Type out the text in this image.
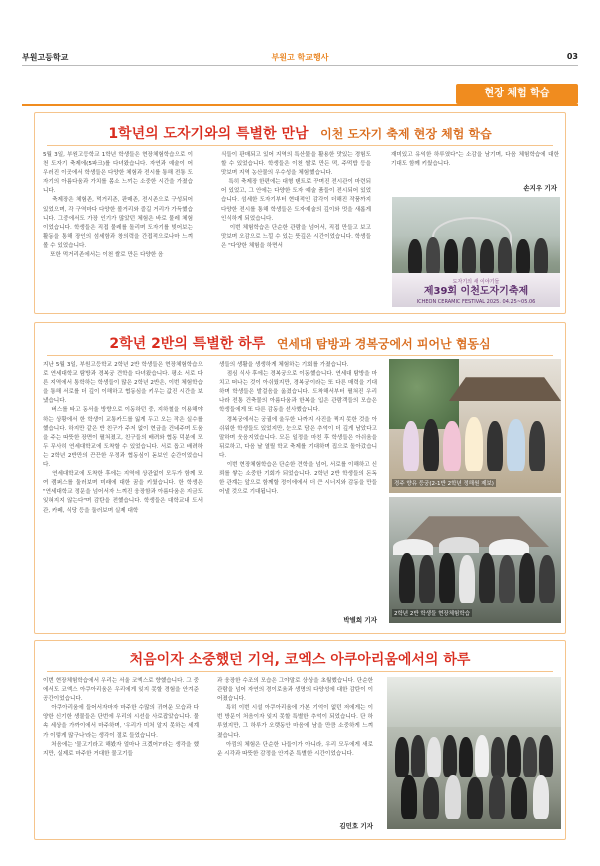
부원고등학교	부원고 학교행사	03
현장 체험 학습
1학년의 도자기와의 특별한 만남 이천 도자기 축제 현장 체험 학습
5월 3일, 부원고등학교 1학년 학생들은 현장체험학습으로 이천 도자기 축제에(5파크)를 다녀왔습니다. 자연과 예술이 어우러진 이곳에서 학생들은 다양한 체험과 전시를 통해 전통 도자기의 아름다움과 가치를 몸소 느끼는 소중한 시간을 가졌습니다.
축제장은 체험존, 먹거리존, 판매존, 전시존으로 구성되어 있었으며, 각 구역마다 다양한 볼거리와 즐길 거리가 가득했습니다. 그중에서도 가장 인기가 많았던 체험은 바로 물레 체험이었습니다. 학생들은 직접 물레를 돌리며 도자기를 빚어보는 활동을 통해 장인의 섬세함과 창의력을 간접적으로나마 느껴볼 수 있었습니다.
또한 먹거리존에서는 이천 쌀로 만든 다양한 음
식들이 판매되고 있어 지역의 특산물을 활용한 맛있는 경험도 할 수 있었습니다. 학생들은 이천 쌀로 만든 떡, 주먹밥 등을 맛보며 지역 농산물의 우수성을 체험했습니다.
특히 축제장 한편에는 대형 텐트로 꾸며진 전시관이 마련되어 있었고, 그 안에는 다양한 도자 예술 품들이 전시되어 있었습니다. 섬세한 도자기부터 현대적인 감각이 더해진 작품까지 다양한 전시를 통해 학생들은 도자예술의 깊이와 멋을 새롭게 인식하게 되었습니다.
이번 체험학습은 단순한 관람을 넘어서, 직접 만들고 보고 맛보며 오감으로 느낄 수 있는 뜻깊은 시간이었습니다. 학생들은 "다양한 체험을 하면서
재미있고 유익한 하루였다"는 소감을 남기며, 다음 체험학습에 대한 기대도 함께 키웠습니다.
손지우 기자
도자기의 새 이야기들
제39회 이천도자기축제
ICHEON CERAMIC FESTIVAL 2025. 04.25~05.06
2학년 2반의 특별한 하루 연세대 탐방과 경복궁에서 피어난 협동심
지난 5월 3일, 부원고등학교 2학년 2반 학생들은 현장체험학습으로 연세대학교 탐방과 경복궁 견학을 다녀왔습니다. 평소 서로 다른 지역에서 통학하는 학생들이 많은 2학년 2반은, 이번 체험학습을 통해 서로를 더 깊이 이해하고 협동심을 키우는 값진 시간을 보냈습니다.
버스를 타고 동서울 방향으로 이동하던 중, 지하철을 이용해야 하는 상황에서 한 학생이 교통카드를 잃게 두고 오는 작은 실수를 했습니다. 하지만 같은 반 친구가 주저 없이 현금을 건네주며 도움을 주는 따뜻한 장면이 펼쳐졌고, 친구들의 배려와 협동 덕분에 모두 무사히 연세대학교에 도착할 수 있었습니다. 서로 돕고 배려하는 2학년 2반만의 끈끈한 우정과 협동심이 돋보인 순간이었습니다.
연세대학교에 도착한 후에는 지역에 상관없이 모두가 함께 모여 캠퍼스를 둘러보며 미래에 대한 꿈을 키웠습니다. 한 학생은 "연세대학교 정문을 넘어서자 느껴진 웅장함과 아름다움은 지금도 잊혀지지 않는다"며 감탄을 전했습니다. 학생들은 대학교내 도서관, 카페, 식당 등을 둘러보며 실제 대학
생들의 생활을 생생하게 체험하는 기회를 가졌습니다.
점심 식사 후에는 경복궁으로 이동했습니다. 연세대 탐방을 마치고 떠나는 것이 아쉬웠지만, 경복궁이라는 또 다른 매력을 기대하며 학생들은 발걸음을 옮겼습니다. 도착해서부터 펼쳐진 우리나라 전통 건축물의 아름다움과 한복을 입은 관람객들의 모습은 학생들에게 또 다른 감동을 선사했습니다.
경복궁에서는 궁궐에 울두한 나까지 사진을 찍지 못한 것을 아쉬워한 학생들도 있었지만, 눈으로 담은 추억이 더 깊게 남았다고 말하며 웃음지었습니다. 모든 일정을 마친 후 학생들은 아쉬움을 뒤로하고, 다음 날 열릴 학교 축제를 기대하며 집으로 돌아갔습니다.
이번 현장체험학습은 단순한 견학을 넘어, 서로를 이해하고 신뢰를 쌓는 소중한 기회가 되었습니다. 2학년 2반 학생들의 돈독한 관계는 앞으로 함께할 정이에에서 더 큰 시너지와 감동을 만들어낼 것으로 기대됩니다.
박별희 기자
경주 향유 등궁(2-1반 2학년 정해원 제보)
2학년 2반 학생들 현장체험학습
처음이자 소중했던 기억, 코엑스 아쿠아리움에서의 하루
이번 현장체험학습에서 우리는 서울 코엑스로 향했습니다. 그 중에서도 코엑스 아쿠아리움은 우리에게 잊지 못할 경험을 안겨준 공간이었습니다.
아쿠아리움에 들어서자마자 마주한 수많의 귀여운 모습과 다양한 신기한 생물들은 단번에 우리의 시선을 사로잡았습니다. 물속 세상을 가까이에서 마주하며, '우리가 미처 알지 못하는 세계가 이렇게 많구나'라는 생각이 절로 들었습니다.
처음에는 '물고기라고 해봤자 얼마나 크겠어?'라는 생각을 했지만, 실제로 마주한 거대한 물고기들
과 웅장한 수조의 모습은 그야말로 상상을 초월했습니다. 단순한 관람을 넘어 자연의 경이로움과 생명의 다양성에 대한 감탄이 이어졌습니다.
특히 이번 시설 아쿠아리움에 가본 기억이 없던 저에게는 이번 방문이 처음이자 잊지 못할 특별한 추억이 되었습니다. 단 하루였지만, 그 하루가 오랫동안 마음에 남을 만큼 소중하게 느껴졌습니다.
아낌의 체험은 단순한 나들이가 아니라, 우리 모두에게 새로운 시각과 따뜻한 감정을 안겨준 특별한 시간이었습니다.
김민호 기자
